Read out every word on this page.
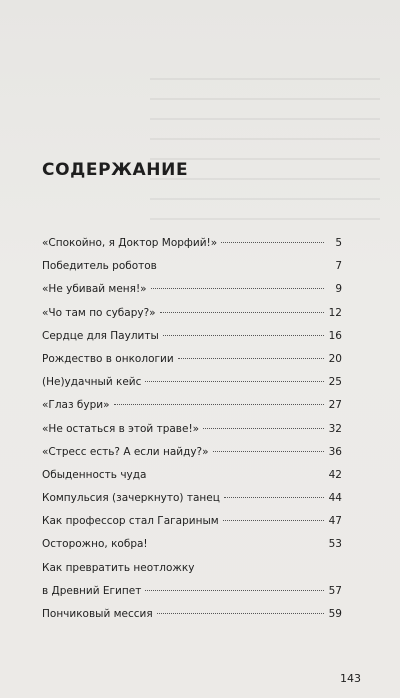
СОДЕРЖАНИЕ
«Спокойно, я Доктор Морфий!»	5
Победитель роботов	7
«Не убивай меня!»	9
«Чо там по субару?»	12
Сердце для Паулиты	16
Рождество в онкологии	20
(Не)удачный кейс	25
«Глаз бури»	27
«Не остаться в этой траве!»	32
«Стресс есть? А если найду?»	36
Обыденность чуда	42
Компульсия (зачеркнуто) танец	44
Как профессор стал Гагариным	47
Осторожно, кобра!	53
Как превратить неотложку
в Древний Египет	57
Пончиковый мессия	59
143
